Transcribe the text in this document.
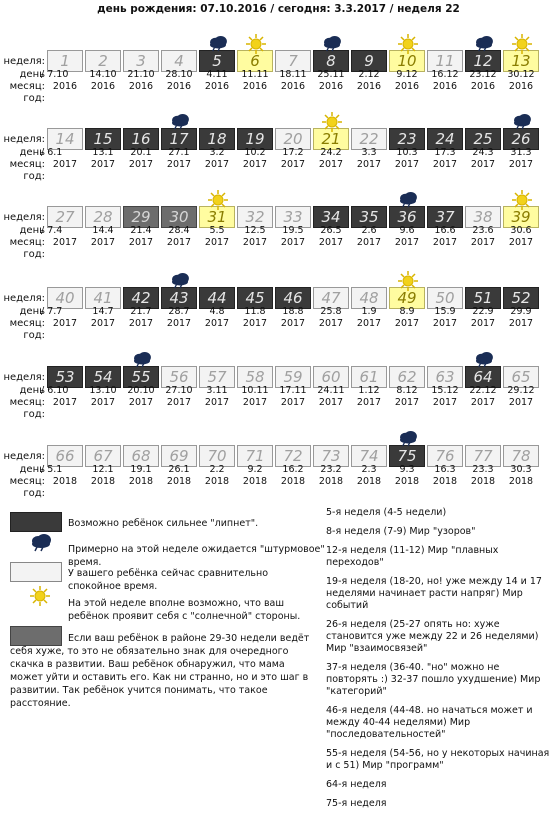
день рождения: 07.10.2016 / сегодня: 3.3.2017 / неделя 22
неделя:
день
месяц:
год:
1	2	3	4	5	6	7	8	9	10	11	12	13
/ 7.10	14.10	21.10	28.10	4.11	11.11	18.11	25.11	2.12	9.12	16.12	23.12	30.12
2016	2016	2016	2016	2016	2016	2016	2016	2016	2016	2016	2016	2016
неделя:
день
месяц:
год:
14	15	16	17	18	19	20	21	22	23	24	25	26
/ 6.1	13.1	20.1	27.1	3.2	10.2	17.2	24.2	3.3	10.3	17.3	24.3	31.3
2017	2017	2017	2017	2017	2017	2017	2017	2017	2017	2017	2017	2017
неделя:
день
месяц:
год:
27	28	29	30	31	32	33	34	35	36	37	38	39
/ 7.4	14.4	21.4	28.4	5.5	12.5	19.5	26.5	2.6	9.6	16.6	23.6	30.6
2017	2017	2017	2017	2017	2017	2017	2017	2017	2017	2017	2017	2017
неделя:
день
месяц:
год:
40	41	42	43	44	45	46	47	48	49	50	51	52
/ 7.7	14.7	21.7	28.7	4.8	11.8	18.8	25.8	1.9	8.9	15.9	22.9	29.9
2017	2017	2017	2017	2017	2017	2017	2017	2017	2017	2017	2017	2017
неделя:
день
месяц:
год:
53	54	55	56	57	58	59	60	61	62	63	64	65
/ 6.10	13.10	20.10	27.10	3.11	10.11	17.11	24.11	1.12	8.12	15.12	22.12	29.12
2017	2017	2017	2017	2017	2017	2017	2017	2017	2017	2017	2017	2017
неделя:
день
месяц:
год:
66	67	68	69	70	71	72	73	74	75	76	77	78
/ 5.1	12.1	19.1	26.1	2.2	9.2	16.2	23.2	2.3	9.3	16.3	23.3	30.3
2018	2018	2018	2018	2018	2018	2018	2018	2018	2018	2018	2018	2018
Возможно ребёнок сильнее "липнет".
Примерно на этой неделе ожидается "штурмовое" время.
У вашего ребёнка сейчас сравнительно спокойное время.
На этой неделе вполне возможно, что ваш ребёнок проявит себя с "солнечной" стороны.
Если ваш ребёнок в районе 29-30 недели ведёт себя хуже, то это не обязательно знак для очередного скачка в развитии. Ваш ребёнок обнаружил, что мама может уйти и оставить его. Как ни странно, но и это шаг в развитии. Так ребёнок учится понимать, что такое расстояние.
5-я неделя (4-5 недели)
8-я неделя (7-9) Мир "узоров"
12-я неделя (11-12) Мир "плавных переходов"
19-я неделя (18-20, но! уже между 14 и 17 неделями начинает расти напряг) Мир событий
26-я неделя (25-27 опять но: хуже становится уже между 22 и 26 неделями) Мир "взаимосвязей"
37-я неделя (36-40. "но" можно не повторять :) 32-37 пошло ухудшение) Мир "категорий"
46-я неделя (44-48. но начаться может и между 40-44 неделями) Мир "последовательностей"
55-я неделя (54-56, но у некоторых начиная и с 51) Мир "программ"
64-я неделя
75-я неделя
